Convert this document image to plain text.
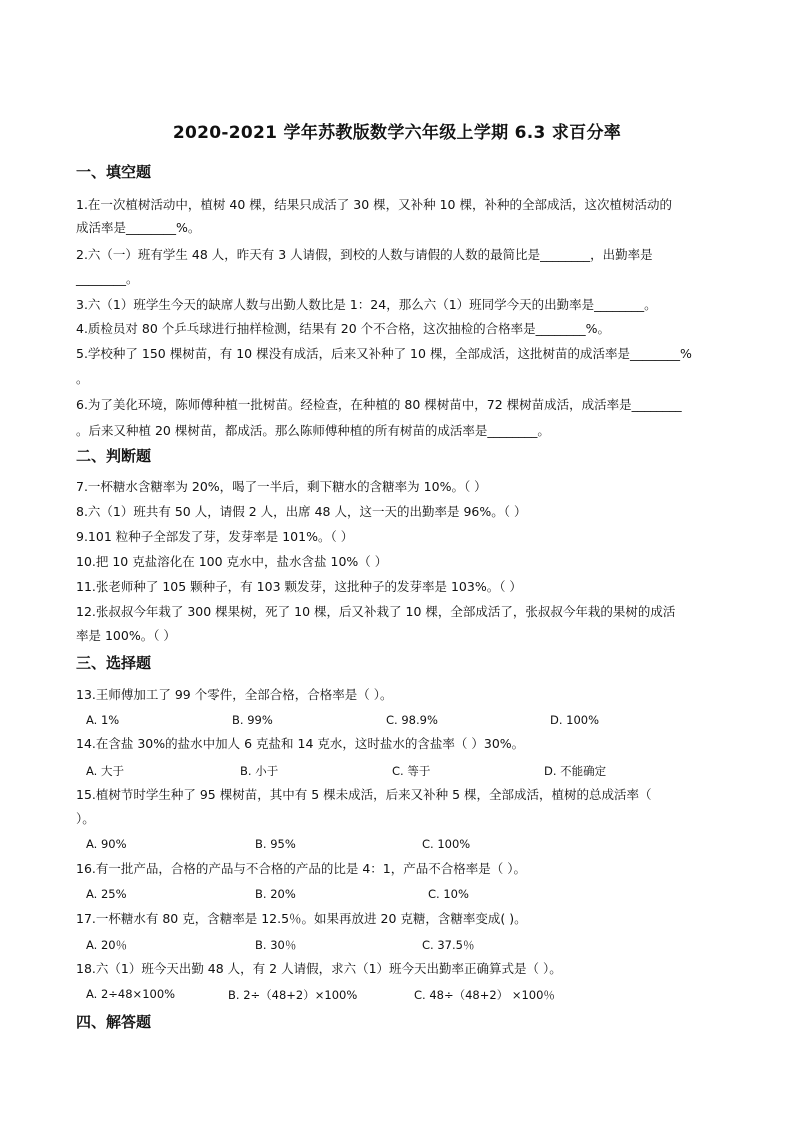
2020-2021 学年苏教版数学六年级上学期 6.3 求百分率
一、填空题
1.在一次植树活动中，植树 40 棵，结果只成活了 30 棵，又补种 10 棵，补种的全部成活，这次植树活动的
成活率是________%。
2.六（一）班有学生 48 人，昨天有 3 人请假，到校的人数与请假的人数的最简比是________，出勤率是
________。
3.六（1）班学生今天的缺席人数与出勤人数比是 1：24，那么六（1）班同学今天的出勤率是________。
4.质检员对 80 个乒乓球进行抽样检测，结果有 20 个不合格，这次抽检的合格率是________%。
5.学校种了 150 棵树苗，有 10 棵没有成活，后来又补种了 10 棵，全部成活，这批树苗的成活率是________%
。
6.为了美化环境，陈师傅种植一批树苗。经检查，在种植的 80 棵树苗中，72 棵树苗成活，成活率是________
。后来又种植 20 棵树苗，都成活。那么陈师傅种植的所有树苗的成活率是________。
二、判断题
7.一杯糖水含糖率为 20%，喝了一半后，剩下糖水的含糖率为 10%。（ ）
8.六（1）班共有 50 人，请假 2 人，出席 48 人，这一天的出勤率是 96%。（ ）
9.101 粒种子全部发了芽，发芽率是 101%。（ ）
10.把 10 克盐溶化在 100 克水中，盐水含盐 10%（ ）
11.张老师种了 105 颗种子，有 103 颗发芽，这批种子的发芽率是 103%。（ ）
12.张叔叔今年栽了 300 棵果树，死了 10 棵，后又补栽了 10 棵，全部成活了，张叔叔今年栽的果树的成活
率是 100%。（ ）
三、选择题
13.王师傅加工了 99 个零件，全部合格，合格率是（ ）。
A. 1%	B. 99%	C. 98.9%	D. 100%
14.在含盐 30%的盐水中加人 6 克盐和 14 克水，这时盐水的含盐率（ ）30%。
A. 大于	B. 小于	C. 等于	D. 不能确定
15.植树节时学生种了 95 棵树苗，其中有 5 棵未成活，后来又补种 5 棵，全部成活，植树的总成活率（
）。
A. 90%	B. 95%	C. 100%
16.有一批产品，合格的产品与不合格的产品的比是 4：1，产品不合格率是（ ）。
A. 25%	B. 20%	C. 10%
17.一杯糖水有 80 克，含糖率是 12.5％。如果再放进 20 克糖，含糖率变成( )。
A. 20％	B. 30％	C. 37.5％
18.六（1）班今天出勤 48 人，有 2 人请假，求六（1）班今天出勤率正确算式是（ ）。
A. 2÷48×100%	B. 2÷（48+2）×100%	C. 48÷（48+2） ×100％
四、解答题
